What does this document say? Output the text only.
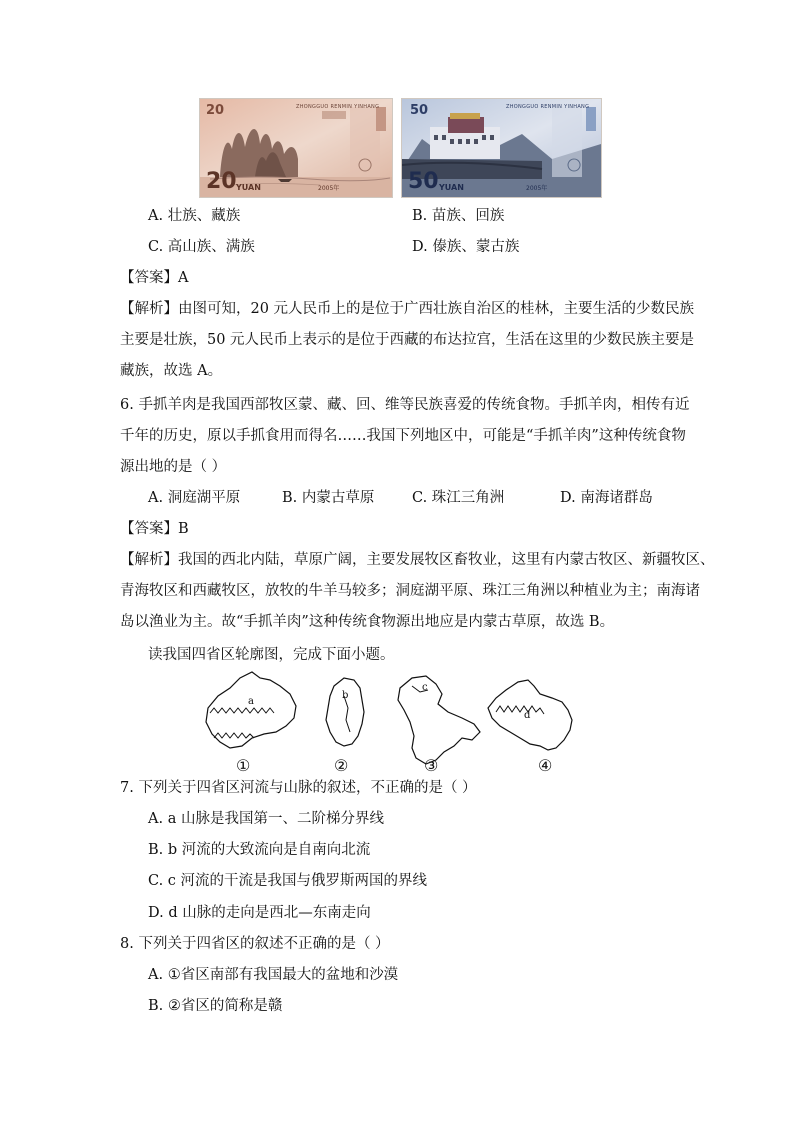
20	ZHONGGUO RENMIN YINHANG
20 YUAN	2005年
50	ZHONGGUO RENMIN YINHANG
50 YUAN	2005年
A. 壮族、藏族	B. 苗族、回族
C. 高山族、满族	D. 傣族、蒙古族
【答案】A
【解析】由图可知，20 元人民币上的是位于广西壮族自治区的桂林，主要生活的少数民族
主要是壮族，50 元人民币上表示的是位于西藏的布达拉宫，生活在这里的少数民族主要是
藏族，故选 A。
6. 手抓羊肉是我国西部牧区蒙、藏、回、维等民族喜爱的传统食物。手抓羊肉，相传有近
千年的历史，原以手抓食用而得名……我国下列地区中，可能是“手抓羊肉”这种传统食物
源出地的是（ ）
A. 洞庭湖平原	B. 内蒙古草原	C. 珠江三角洲	D. 南海诸群岛
【答案】B
【解析】我国的西北内陆，草原广阔，主要发展牧区畜牧业，这里有内蒙古牧区、新疆牧区、
青海牧区和西藏牧区，放牧的牛羊马较多；洞庭湖平原、珠江三角洲以种植业为主；南海诸
岛以渔业为主。故“手抓羊肉”这种传统食物源出地应是内蒙古草原，故选 B。
读我国四省区轮廓图，完成下面小题。
a
b
c
d
①	②	③	④
7. 下列关于四省区河流与山脉的叙述，不正确的是（ ）
A. a 山脉是我国第一、二阶梯分界线
B. b 河流的大致流向是自南向北流
C. c 河流的干流是我国与俄罗斯两国的界线
D. d 山脉的走向是西北—东南走向
8. 下列关于四省区的叙述不正确的是（ ）
A. ①省区南部有我国最大的盆地和沙漠
B. ②省区的简称是赣
